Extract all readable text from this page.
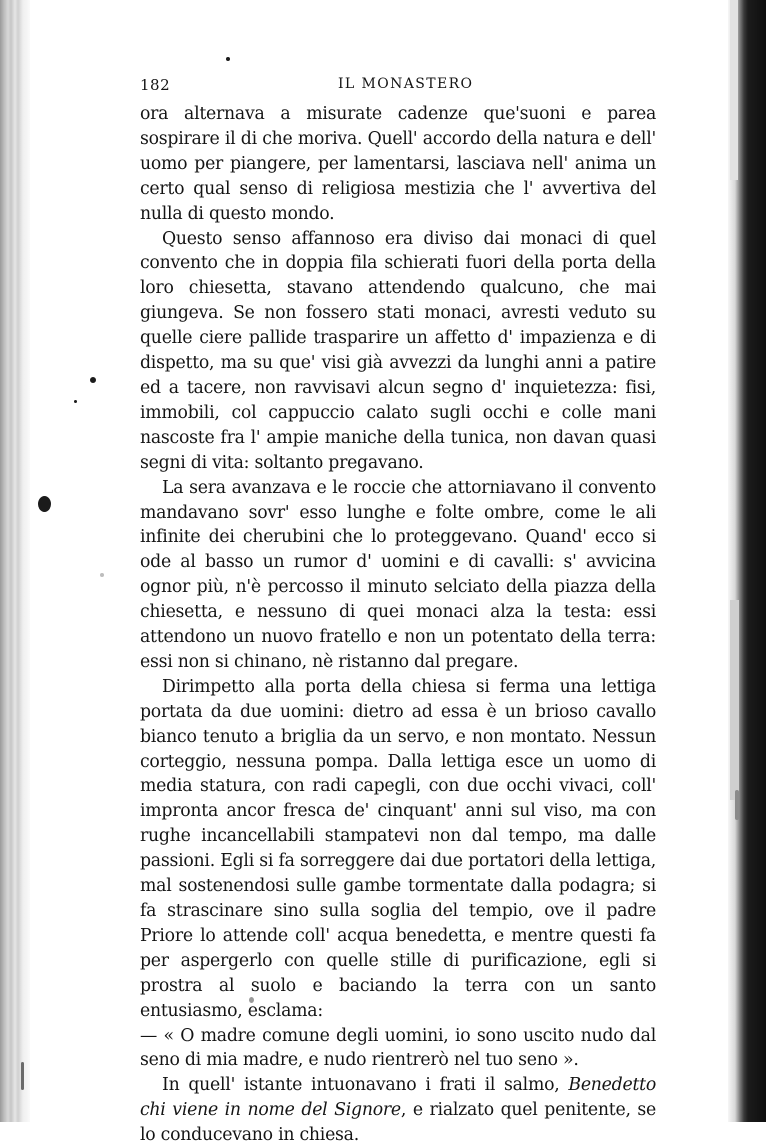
182	IL MONASTERO

ora alternava a misurate cadenze que'suoni e parea sospirare il di che moriva. Quell' accordo della natura e dell' uomo per piangere, per lamentarsi, lasciava nell' anima un certo qual senso di religiosa mestizia che l' avvertiva del nulla di questo mondo.

Questo senso affannoso era diviso dai monaci di quel convento che in doppia fila schierati fuori della porta della loro chiesetta, stavano attendendo qualcuno, che mai giungeva. Se non fossero stati monaci, avresti veduto su quelle ciere pallide trasparire un affetto d' impazienza e di dispetto, ma su que' visi già avvezzi da lunghi anni a patire ed a tacere, non ravvisavi alcun segno d' inquietezza: fisi, immobili, col cappuccio calato sugli occhi e colle mani nascoste fra l' ampie maniche della tunica, non davan quasi segni di vita: soltanto pregavano.

La sera avanzava e le roccie che attorniavano il convento mandavano sovr' esso lunghe e folte ombre, come le ali infinite dei cherubini che lo proteggevano. Quand' ecco si ode al basso un rumor d' uomini e di cavalli: s' avvicina ognor più, n'è percosso il minuto selciato della piazza della chiesetta, e nessuno di quei monaci alza la testa: essi attendono un nuovo fratello e non un potentato della terra: essi non si chinano, nè ristanno dal pregare.

Dirimpetto alla porta della chiesa si ferma una lettiga portata da due uomini: dietro ad essa è un brioso cavallo bianco tenuto a briglia da un servo, e non montato. Nessun corteggio, nessuna pompa. Dalla lettiga esce un uomo di media statura, con radi capegli, con due occhi vivaci, coll' impronta ancor fresca de' cinquant' anni sul viso, ma con rughe incancellabili stampatevi non dal tempo, ma dalle passioni. Egli si fa sorreggere dai due portatori della lettiga, mal sostenendosi sulle gambe tormentate dalla podagra; si fa strascinare sino sulla soglia del tempio, ove il padre Priore lo attende coll' acqua benedetta, e mentre questi fa per aspergerlo con quelle stille di purificazione, egli si prostra al suolo e baciando la terra con un santo entusiasmo, esclama:

— « O madre comune degli uomini, io sono uscito nudo dal seno di mia madre, e nudo rientrerò nel tuo seno ».

In quell' istante intuonavano i frati il salmo, Benedetto chi viene in nome del Signore, e rialzato quel penitente, se lo conducevano in chiesa.
